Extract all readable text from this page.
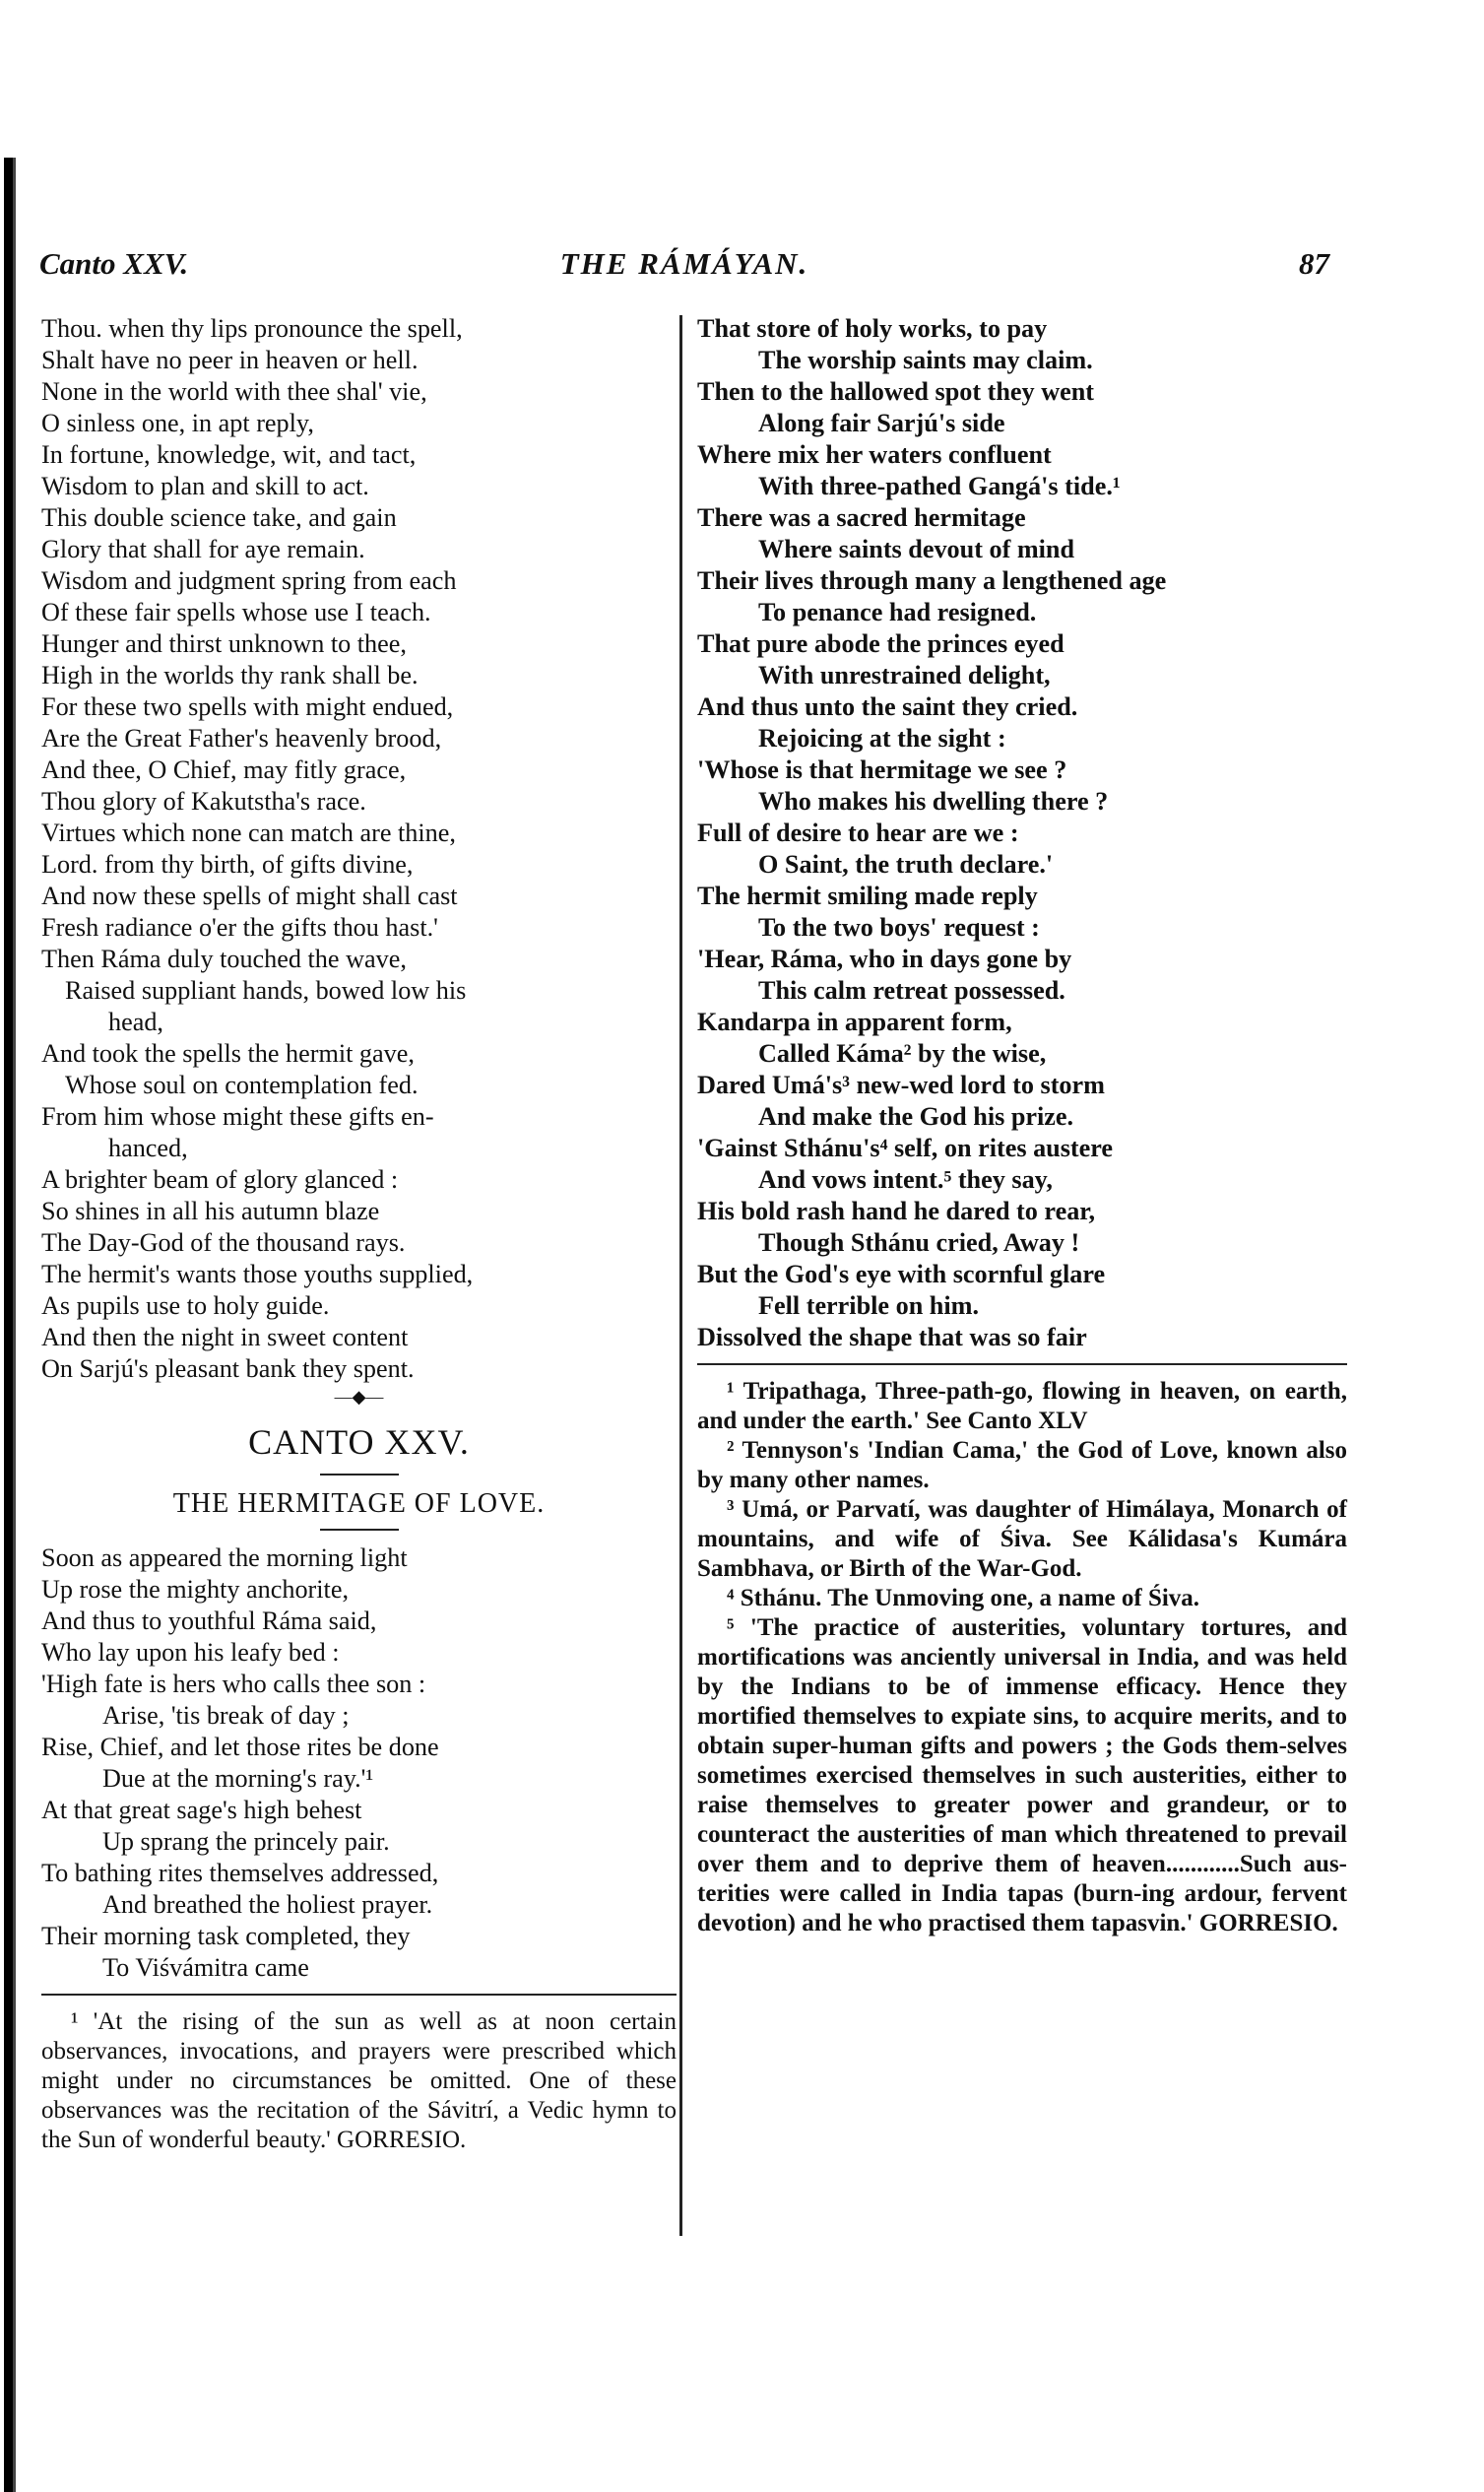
Canto XXV.	THE RÁMÁYAN.	87
Thou. when thy lips pronounce the spell,
Shalt have no peer in heaven or hell.
None in the world with thee shal' vie,
O sinless one, in apt reply,
In fortune, knowledge, wit, and tact,
Wisdom to plan and skill to act.
This double science take, and gain
Glory that shall for aye remain.
Wisdom and judgment spring from each
Of these fair spells whose use I teach.
Hunger and thirst unknown to thee,
High in the worlds thy rank shall be.
For these two spells with might endued,
Are the Great Father's heavenly brood,
And thee, O Chief, may fitly grace,
Thou glory of Kakutstha's race.
Virtues which none can match are thine,
Lord. from thy birth, of gifts divine,
And now these spells of might shall cast
Fresh radiance o'er the gifts thou hast.'
Then Ráma duly touched the wave,
Raised suppliant hands, bowed low his
head,
And took the spells the hermit gave,
Whose soul on contemplation fed.
From him whose might these gifts en-
hanced,
A brighter beam of glory glanced :
So shines in all his autumn blaze
The Day-God of the thousand rays.
The hermit's wants those youths supplied,
As pupils use to holy guide.
And then the night in sweet content
On Sarjú's pleasant bank they spent.
—◆—
CANTO XXV.
THE HERMITAGE OF LOVE.
Soon as appeared the morning light
Up rose the mighty anchorite,
And thus to youthful Ráma said,
Who lay upon his leafy bed :
'High fate is hers who calls thee son :
Arise, 'tis break of day ;
Rise, Chief, and let those rites be done
Due at the morning's ray.'¹
At that great sage's high behest
Up sprang the princely pair.
To bathing rites themselves addressed,
And breathed the holiest prayer.
Their morning task completed, they
To Viśvámitra came

¹ 'At the rising of the sun as well as at noon certain observances, invocations, and prayers were prescribed which might under no circumstances be omitted. One of these observances was the recitation of the Sávitrí, a Vedic hymn to the Sun of wonderful beauty.' GORRESIO.

That store of holy works, to pay
The worship saints may claim.
Then to the hallowed spot they went
Along fair Sarjú's side
Where mix her waters confluent
With three-pathed Gangá's tide.¹
There was a sacred hermitage
Where saints devout of mind
Their lives through many a lengthened age
To penance had resigned.
That pure abode the princes eyed
With unrestrained delight,
And thus unto the saint they cried.
Rejoicing at the sight :
'Whose is that hermitage we see ?
Who makes his dwelling there ?
Full of desire to hear are we :
O Saint, the truth declare.'
The hermit smiling made reply
To the two boys' request :
'Hear, Ráma, who in days gone by
This calm retreat possessed.
Kandarpa in apparent form,
Called Káma² by the wise,
Dared Umá's³ new-wed lord to storm
And make the God his prize.
'Gainst Sthánu's⁴ self, on rites austere
And vows intent.⁵ they say,
His bold rash hand he dared to rear,
Though Sthánu cried, Away !
But the God's eye with scornful glare
Fell terrible on him.
Dissolved the shape that was so fair

¹ Tripathaga, Three-path-go, flowing in heaven, on earth, and under the earth.' See Canto XLV

² Tennyson's 'Indian Cama,' the God of Love, known also by many other names.

³ Umá, or Parvatí, was daughter of Himálaya, Monarch of mountains, and wife of Śiva. See Kálidasa's Kumára Sambhava, or Birth of the War-God.

⁴ Sthánu. The Unmoving one, a name of Śiva.

⁵ 'The practice of austerities, voluntary tortures, and mortifications was anciently universal in India, and was held by the Indians to be of immense efficacy. Hence they mortified themselves to expiate sins, to acquire merits, and to obtain super-human gifts and powers ; the Gods them-selves sometimes exercised themselves in such austerities, either to raise themselves to greater power and grandeur, or to counteract the austerities of man which threatened to prevail over them and to deprive them of heaven............Such aus-terities were called in India tapas (burn-ing ardour, fervent devotion) and he who practised them tapasvin.' GORRESIO.
